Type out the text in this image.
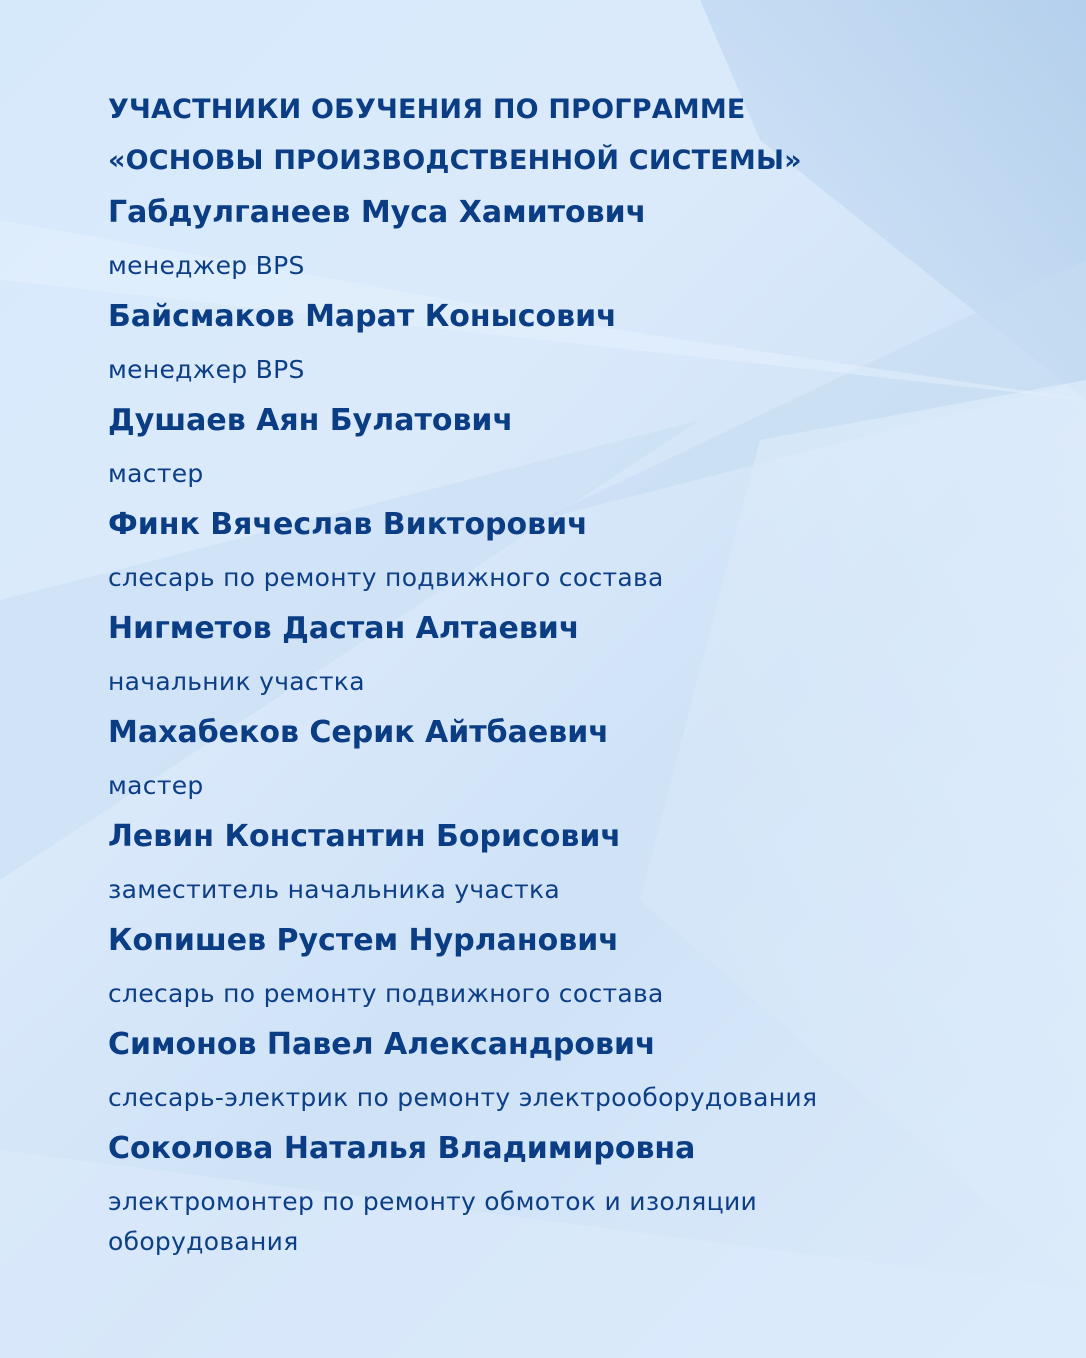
УЧАСТНИКИ ОБУЧЕНИЯ ПО ПРОГРАММЕ
«ОСНОВЫ ПРОИЗВОДСТВЕННОЙ СИСТЕМЫ»
Габдулганеев Муса Хамитович
менеджер BPS
Байсмаков Марат Конысович
менеджер BPS
Душаев Аян Булатович
мастер
Финк Вячеслав Викторович
слесарь по ремонту подвижного состава
Нигметов Дастан Алтаевич
начальник участка
Махабеков Серик Айтбаевич
мастер
Левин Константин Борисович
заместитель начальника участка
Копишев Рустем Нурланович
слесарь по ремонту подвижного состава
Симонов Павел Александрович
слесарь-электрик по ремонту электрооборудования
Соколова Наталья Владимировна
электромонтер по ремонту обмоток и изоляции оборудования
